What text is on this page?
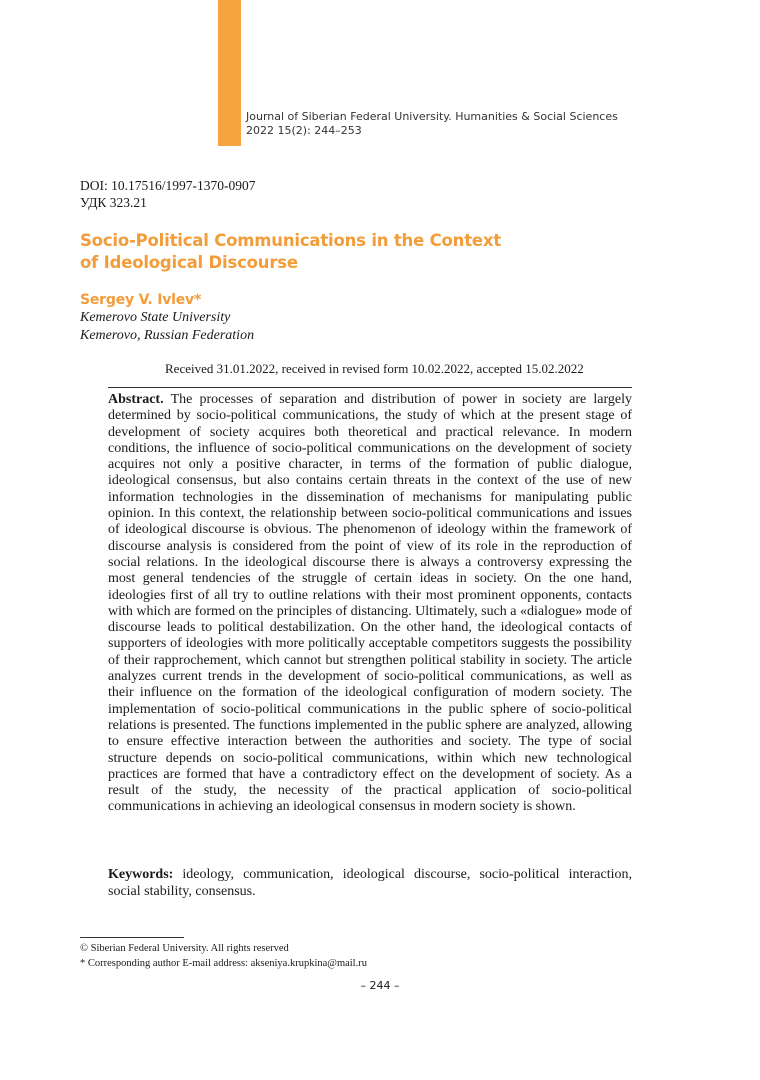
Journal of Siberian Federal University. Humanities & Social Sciences
2022 15(2): 244–253
DOI: 10.17516/1997-1370-0907
УДК 323.21
Socio-Political Communications in the Context
of Ideological Discourse
Sergey V. Ivlev*
Kemerovo State University
Kemerovo, Russian Federation
Received 31.01.2022, received in revised form 10.02.2022, accepted 15.02.2022

Abstract. The processes of separation and distribution of power in society are largely determined by socio-political communications, the study of which at the present stage of development of society acquires both theoretical and practical relevance. In modern conditions, the influence of socio-political communications on the development of society acquires not only a positive character, in terms of the formation of public dialogue, ideological consensus, but also contains certain threats in the context of the use of new information technologies in the dissemination of mechanisms for manipulating public opinion. In this context, the relationship between socio-political communications and issues of ideological discourse is obvious. The phenomenon of ideology within the framework of discourse analysis is considered from the point of view of its role in the reproduction of social relations. In the ideological discourse there is always a controversy expressing the most general tendencies of the struggle of certain ideas in society. On the one hand, ideologies first of all try to outline relations with their most prominent opponents, contacts with which are formed on the principles of distancing. Ultimately, such a «dialogue» mode of discourse leads to political destabilization. On the other hand, the ideological contacts of supporters of ideologies with more politically acceptable competitors suggests the possibility of their rapprochement, which cannot but strengthen political stability in society. The article analyzes current trends in the development of socio-political communications, as well as their influence on the formation of the ideological configuration of modern society. The implementation of socio-political communications in the public sphere of socio-political relations is presented. The functions implemented in the public sphere are analyzed, allowing to ensure effective interaction between the authorities and society. The type of social structure depends on socio-political communications, within which new technological practices are formed that have a contradictory effect on the development of society. As a result of the study, the necessity of the practical application of socio-political communications in achieving an ideological consensus in modern society is shown.

Keywords: ideology, communication, ideological discourse, socio-political interaction, social stability, consensus.

© Siberian Federal University. All rights reserved
* Corresponding author E-mail address: akseniya.krupkina@mail.ru
– 244 –
